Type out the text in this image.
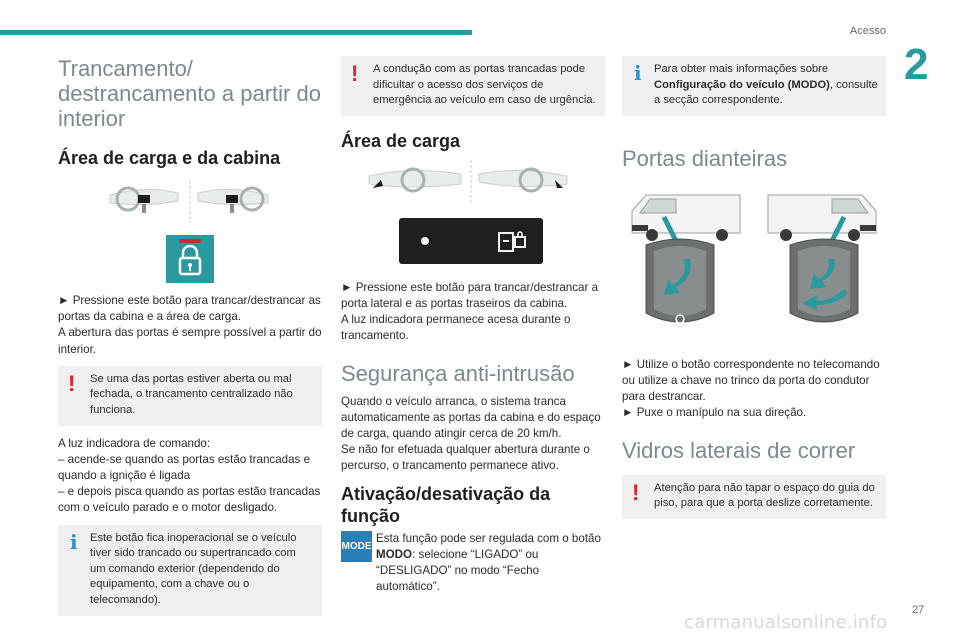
Acesso
2
27
Trancamento/ destrancamento a partir do interior
Área de carga e da cabina

► Pressione este botão para trancar/destrancar as portas da cabina e a área de carga.

A abertura das portas é sempre possível a partir do interior.

!	Se uma das portas estiver aberta ou mal fechada, o trancamento centralizado não funciona.

A luz indicadora de comando:

– acende-se quando as portas estão trancadas e quando a ignição é ligada

– e depois pisca quando as portas estão trancadas com o veículo parado e o motor desligado.

i	Este botão fica inoperacional se o veículo tiver sido trancado ou supertrancado com um comando exterior (dependendo do equipamento, com a chave ou o telecomando).

!	A condução com as portas trancadas pode dificultar o acesso dos serviços de emergência ao veículo em caso de urgência.

Área de carga

► Pressione este botão para trancar/destrancar a porta lateral e as portas traseiros da cabina.

A luz indicadora permanece acesa durante o trancamento.

Segurança anti-intrusão

Quando o veículo arranca, o sistema tranca automaticamente as portas da cabina e do espaço de carga, quando atingir cerca de 20 km/h.

Se não for efetuada qualquer abertura durante o percurso, o trancamento permanece ativo.

Ativação/desativação da função
MODE

Esta função pode ser regulada com o botão MODO: selecione “LIGADO” ou “DESLIGADO” no modo “Fecho automático”.

i	Para obter mais informações sobre Configuração do veículo (MODO), consulte a secção correspondente.

Portas dianteiras

► Utilize o botão correspondente no telecomando ou utilize a chave no trinco da porta do condutor para destrancar.

► Puxe o manípulo na sua direção.

Vidros laterais de correr
!	Atenção para não tapar o espaço do guia do piso, para que a porta deslize corretamente.

carmanualsonline.info
